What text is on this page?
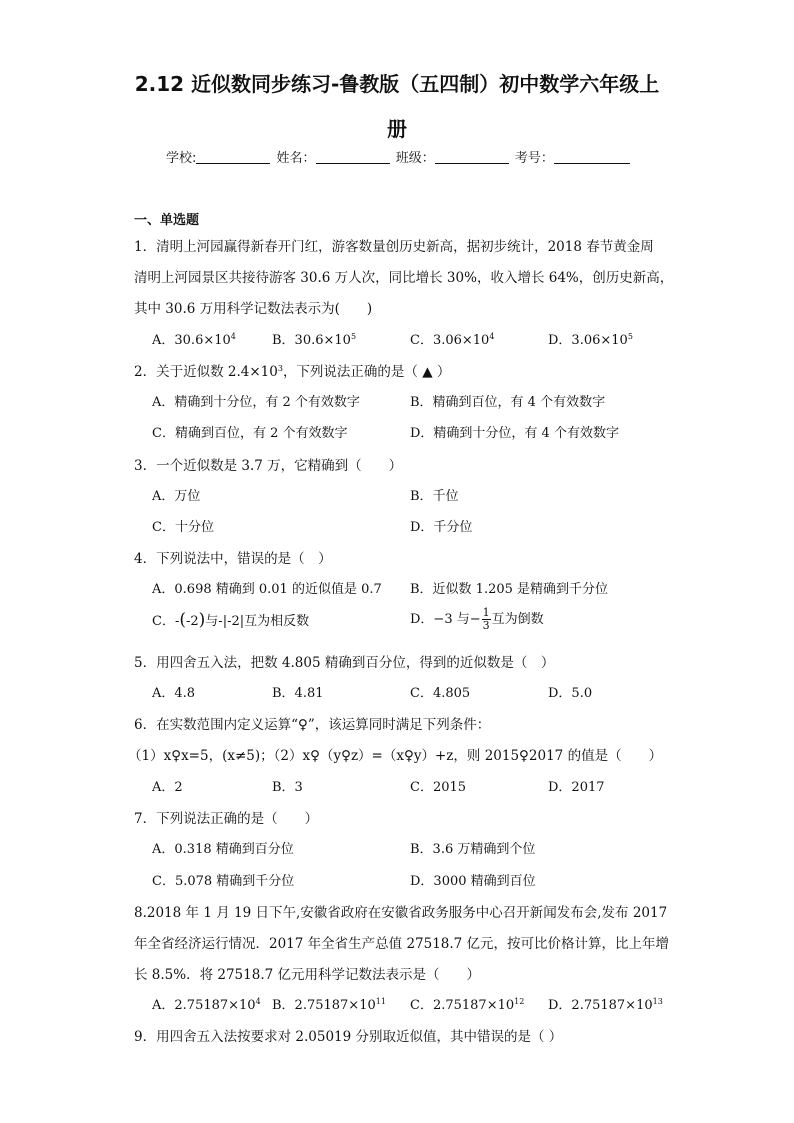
2.12 近似数同步练习-鲁教版（五四制）初中数学六年级上
册
学校:	姓名：	班级：	考号：
一、单选题
1．清明上河园赢得新春开门红，游客数量创历史新高，据初步统计，2018 春节黄金周
清明上河园景区共接待游客 30.6 万人次，同比增长 30%，收入增长 64%，创历史新高，
其中 30.6 万用科学记数法表示为(　　)
A．$30.6\times 10^4$	B．$30.6\times 10^5$	C．$3.06\times 10^4$	D．$3.06\times 10^5$
2．关于近似数 $2.4\times 10^3$，下列说法正确的是（ ▲ ）
A．精确到十分位，有 2 个有效数字	B．精确到百位，有 4 个有效数字
C．精确到百位，有 2 个有效数字	D．精确到十分位，有 4 个有效数字
3．一个近似数是 3.7 万，它精确到（　　）
A．万位	B．千位
C．十分位	D．千分位
4．下列说法中，错误的是（　）
A．0.698 精确到 0.01 的近似值是 0.7 B．近似数 1.205 是精确到千分位
C．-(-2)与-|-2|互为相反数	D．−3 与− $\frac{1}{3}$ 互为倒数
5．用四舍五入法，把数 4.805 精确到百分位，得到的近似数是（　）
A．4.8	B．4.81	C．4.805	D．5.0
6．在实数范围内定义运算“♀”，该运算同时满足下列条件：
（1）x♀x=5，(x≠5)；（2）x♀（y♀z）=（x♀y）+z，则 2015♀2017 的值是（　　）
A．2	B．3	C．2015	D．2017
7．下列说法正确的是（　　）
A．0.318 精确到百分位	B．3.6 万精确到个位
C．5.078 精确到千分位	D．3000 精确到百位
8.2018 年 1 月 19 日下午,安徽省政府在安徽省政务服务中心召开新闻发布会,发布 2017
年全省经济运行情况．2017 年全省生产总值 27518.7 亿元，按可比价格计算，比上年增
长 8.5%．将 27518.7 亿元用科学记数法表示是（　　）
A．$2.75187\times 10^4$ B．$2.75187\times 10^{11}$ C．$2.75187\times 10^{12}$ D．$2.75187\times 10^{13}$
9．用四舍五入法按要求对 2.05019 分别取近似值，其中错误的是（ ）
